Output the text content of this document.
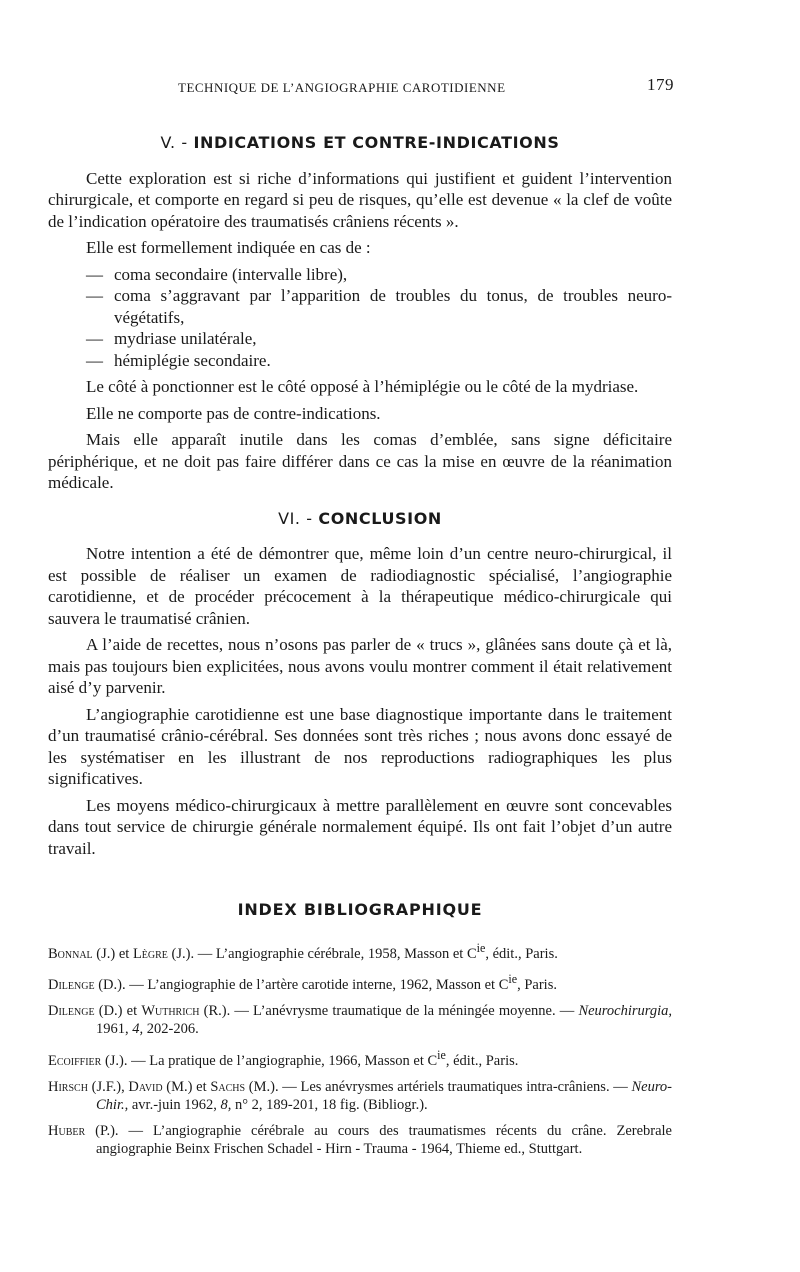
TECHNIQUE DE L’ANGIOGRAPHIE CAROTIDIENNE	179
V. - INDICATIONS ET CONTRE-INDICATIONS

Cette exploration est si riche d’informations qui justifient et guident l’intervention chirurgicale, et comporte en regard si peu de risques, qu’elle est devenue « la clef de voûte de l’indication opératoire des traumatisés crâniens récents ».

Elle est formellement indiquée en cas de :

— coma secondaire (intervalle libre),
— coma s’aggravant par l’apparition de troubles du tonus, de troubles neuro-végétatifs,
— mydriase unilatérale,
— hémiplégie secondaire.

Le côté à ponctionner est le côté opposé à l’hémiplégie ou le côté de la mydriase.

Elle ne comporte pas de contre-indications.

Mais elle apparaît inutile dans les comas d’emblée, sans signe déficitaire périphérique, et ne doit pas faire différer dans ce cas la mise en œuvre de la réanimation médicale.

VI. - CONCLUSION

Notre intention a été de démontrer que, même loin d’un centre neuro-chirurgical, il est possible de réaliser un examen de radiodiagnostic spécialisé, l’angiographie carotidienne, et de procéder précocement à la thérapeutique médico-chirurgicale qui sauvera le traumatisé crânien.

A l’aide de recettes, nous n’osons pas parler de « trucs », glânées sans doute çà et là, mais pas toujours bien explicitées, nous avons voulu montrer comment il était relativement aisé d’y parvenir.

L’angiographie carotidienne est une base diagnostique importante dans le traitement d’un traumatisé crânio-cérébral. Ses données sont très riches ; nous avons donc essayé de les systématiser en les illustrant de nos reproductions radiographiques les plus significatives.

Les moyens médico-chirurgicaux à mettre parallèlement en œuvre sont concevables dans tout service de chirurgie générale normalement équipé. Ils ont fait l’objet d’un autre travail.

INDEX BIBLIOGRAPHIQUE
Bonnal (J.) et Lègre (J.). — L’angiographie cérébrale, 1958, Masson et $C^{ie}$, édit., Paris.
Dilenge (D.). — L’angiographie de l’artère carotide interne, 1962, Masson et $C^{ie}$, Paris.
Dilenge (D.) et Wuthrich (R.). — L’anévrysme traumatique de la méningée moyenne. — Neurochirurgia, 1961, 4, 202-206.
Ecoiffier (J.). — La pratique de l’angiographie, 1966, Masson et $C^{ie}$, édit., Paris.
Hirsch (J.F.), David (M.) et Sachs (M.). — Les anévrysmes artériels traumatiques intra-crâniens. — Neuro-Chir., avr.-juin 1962, 8, n° 2, 189-201, 18 fig. (Bibliogr.).
Huber (P.). — L’angiographie cérébrale au cours des traumatismes récents du crâne. Zerebrale angiographie Beinx Frischen Schadel - Hirn - Trauma - 1964, Thieme ed., Stuttgart.
